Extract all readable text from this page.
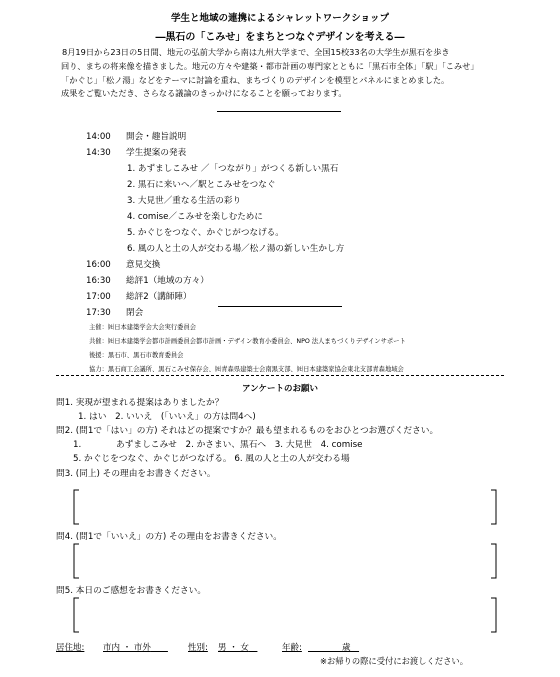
学生と地域の連携によるシャレットワークショップ
―黒石の「こみせ」をまちとつなぐデザインを考える―
8月19日から23日の5日間、地元の弘前大学から南は九州大学まで、全国15校33名の大学生が黒石を歩き
回り、まちの将来像を描きました。地元の方々や建築・都市計画の専門家とともに「黒石市全体」「駅」「こみせ」
「かぐじ」「松ノ湯」などをテーマに討論を重ね、まちづくりのデザインを模型とパネルにまとめました。
成果をご覧いただき、さらなる議論のきっかけになることを願っております。
14:00 開会・趣旨説明
14:30 学生提案の発表
1. あずましこみせ ／「つながり」がつくる新しい黒石
2. 黒石に来いへ／駅とこみせをつなぐ
3. 大見世／重なる生活の彩り
4. comise／こみせを楽しむために
5. かぐじをつなぐ、かぐじがつなげる。
6. 風の人と土の人が交わる場／松ノ湯の新しい生かし方
16:00 意見交換
16:30 総評1（地域の方々）
17:00 総評2（講師陣）
17:30 閉会
主催：㈳日本建築学会大会実行委員会
共催：㈳日本建築学会都市計画委員会都市計画・デザイン教育小委員会、NPO 法人まちづくりデザインサポート
後援：黒石市、黒石市教育委員会
協力：黒石商工会議所、黒石こみせ保存会、㈳青森県建築士会南黒支部、㈳日本建築家協会東北支部青森地域会
アンケートのお願い
問1. 実現が望まれる提案はありましたか？
1. はい　2. いいえ　(「いいえ」の方は問4へ)
問2. (問1で「はい」の方) それはどの提案ですか？最も望まれるものをおひとつお選びください。
1.　　　　あずましこみせ　2. かさまい、黒石へ　3. 大見世　4. comise
5. かぐじをつなぐ、かぐじがつなげる。 6. 風の人と土の人が交わる場
問3. (同上) その理由をお書きください。
問4. (問1で「いいえ」の方) その理由をお書きください。
問5. 本日のご感想をお書きください。
居住地: 市内 ・ 市外　　	性別: 男 ・ 女　	年齢:
　　　　	歳　
※お帰りの際に受付にお渡しください。
